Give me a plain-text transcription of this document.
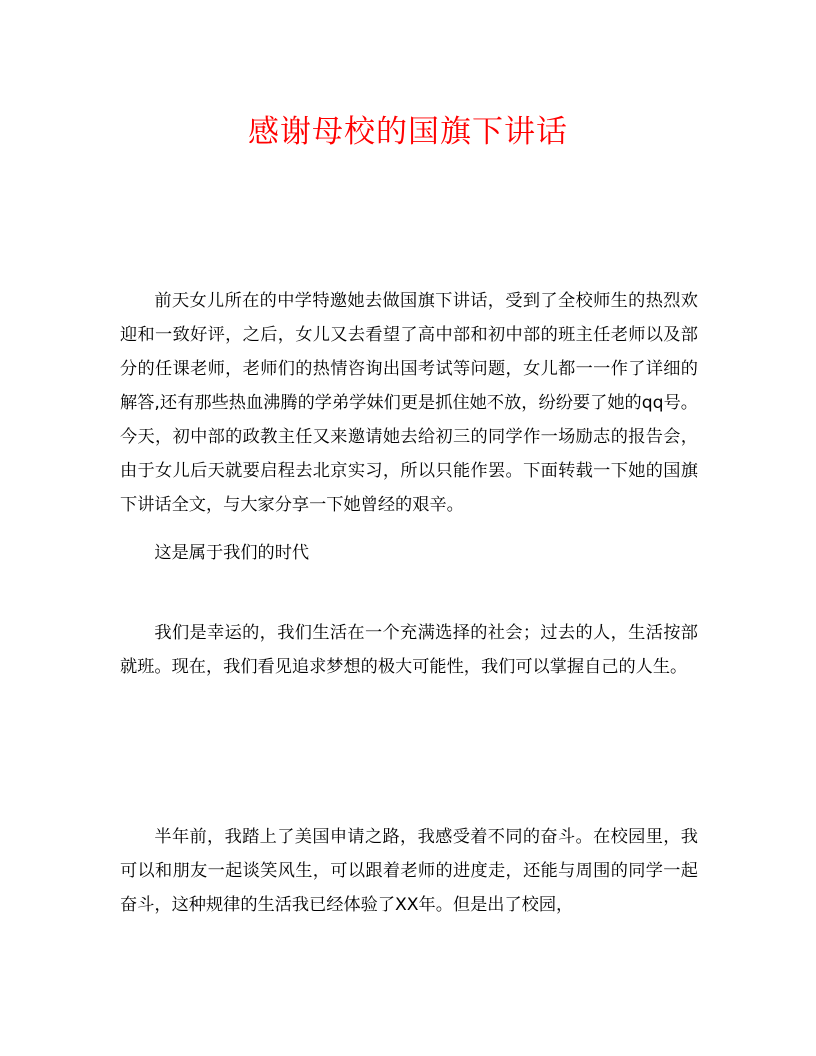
感谢母校的国旗下讲话

前天女儿所在的中学特邀她去做国旗下讲话，受到了全校师生的热烈欢迎和一致好评，之后，女儿又去看望了高中部和初中部的班主任老师以及部分的任课老师，老师们的热情咨询出国考试等问题，女儿都一一作了详细的解答,还有那些热血沸腾的学弟学妹们更是抓住她不放，纷纷要了她的qq号。今天，初中部的政教主任又来邀请她去给初三的同学作一场励志的报告会，由于女儿后天就要启程去北京实习，所以只能作罢。下面转载一下她的国旗下讲话全文，与大家分享一下她曾经的艰辛。

这是属于我们的时代

我们是幸运的，我们生活在一个充满选择的社会；过去的人，生活按部就班。现在，我们看见追求梦想的极大可能性，我们可以掌握自己的人生。

半年前，我踏上了美国申请之路，我感受着不同的奋斗。在校园里，我可以和朋友一起谈笑风生，可以跟着老师的进度走，还能与周围的同学一起奋斗，这种规律的生活我已经体验了XX年。但是出了校园，
